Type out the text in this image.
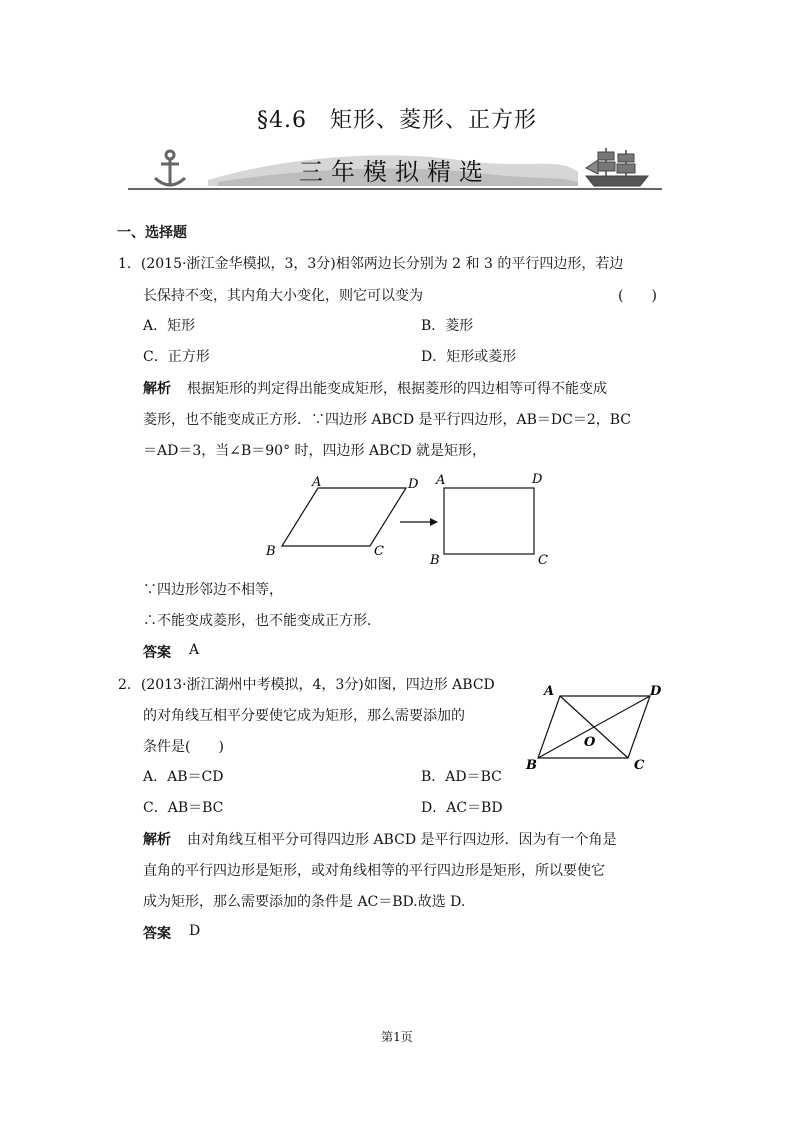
§4.6　矩形、菱形、正方形
三年模拟精选
一、选择题
1．(2015·浙江金华模拟，3，3分)相邻两边长分别为 2 和 3 的平行四边形，若边
长保持不变，其内角大小变化，则它可以变为	(　　)
A．矩形	B．菱形
C．正方形	D．矩形或菱形
解析 根据矩形的判定得出能变成矩形，根据菱形的四边相等可得不能变成
菱形，也不能变成正方形．∵四边形 ABCD 是平行四边形，AB＝DC＝2，BC
＝AD＝3，当∠B＝90° 时，四边形 ABCD 就是矩形，
A	D
B	C
A	D
B	C
∵四边形邻边不相等，
∴不能变成菱形，也不能变成正方形．
答案 A
2．(2013·浙江湖州中考模拟，4，3分)如图，四边形 ABCD
的对角线互相平分要使它成为矩形，那么需要添加的
条件是(　　)
A	D
B	C
O
A．AB＝CD	B．AD＝BC
C．AB＝BC	D．AC＝BD
解析 由对角线互相平分可得四边形 ABCD 是平行四边形．因为有一个角是
直角的平行四边形是矩形，或对角线相等的平行四边形是矩形，所以要使它
成为矩形，那么需要添加的条件是 AC＝BD.故选 D.
答案 D
第1页
